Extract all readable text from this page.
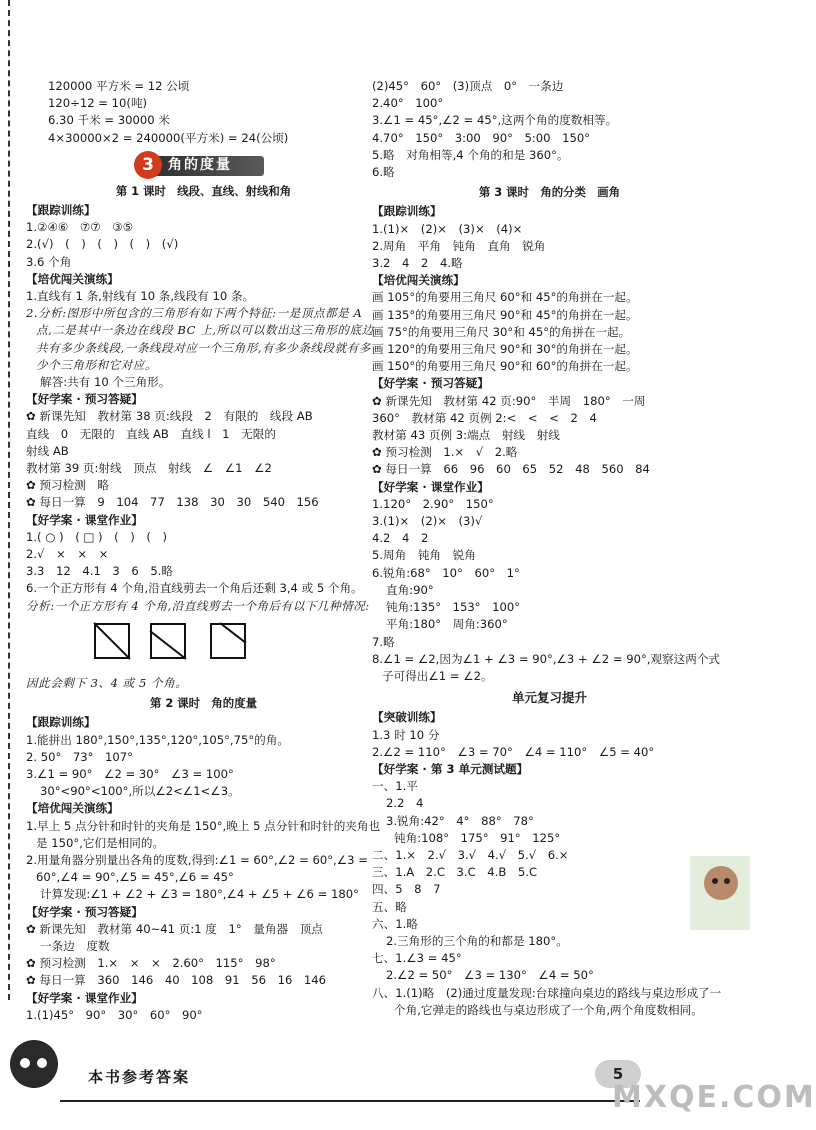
120000 平方米 = 12 公顷
120÷12 = 10(吨)
6.30 千米 = 30000 米
4×30000×2 = 240000(平方米) = 24(公顷)
3	角的度量
第 1 课时　线段、直线、射线和角
【跟踪训练】
1.②④⑥　⑦⑦　③⑤
2.(√)　(　)　(　)　(　)　(√)
3.6 个角
【培优闯关演练】
1.直线有 1 条,射线有 10 条,线段有 10 条。
2.分析:图形中所包含的三角形有如下两个特征:一是顶点都是 A 点,二是其中一条边在线段 BC 上,所以可以数出这三角形的底边共有多少条线段,一条线段对应一个三角形,有多少条线段就有多少个三角形和它对应。
解答:共有 10 个三角形。
【好学案 · 预习答疑】
✿ 新课先知　教材第 38 页:线段　2　有限的　线段 AB
直线　0　无限的　直线 AB　直线 l　1　无限的
射线 AB
教材第 39 页:射线　顶点　射线　∠　∠1　∠2
✿ 预习检测　略
✿ 每日一算　9　104　77　138　30　30　540　156
【好学案 · 课堂作业】
1.( ○ )　( □ )　(　)　(　)
2.√　×　×　×
3.3　12　4.1　3　6　5.略
6.一个正方形有 4 个角,沿直线剪去一个角后还剩 3,4 或 5 个角。
分析:一个正方形有 4 个角,沿直线剪去一个角后有以下几种情况:
因此会剩下 3、4 或 5 个角。
第 2 课时　角的度量
【跟踪训练】
1.能拼出 180°,150°,135°,120°,105°,75°的角。
2. 50°　73°　107°
3.∠1 = 90°　∠2 = 30°　∠3 = 100°
30°<90°<100°,所以∠2<∠1<∠3。
【培优闯关演练】
1.早上 5 点分针和时针的夹角是 150°,晚上 5 点分针和时针的夹角也是 150°,它们是相同的。
2.用量角器分别量出各角的度数,得到:∠1 = 60°,∠2 = 60°,∠3 = 60°,∠4 = 90°,∠5 = 45°,∠6 = 45°
计算发现:∠1 + ∠2 + ∠3 = 180°,∠4 + ∠5 + ∠6 = 180°
【好学案 · 预习答疑】
✿ 新课先知　教材第 40~41 页:1 度　1°　量角器　顶点
一条边　度数
✿ 预习检测　1.×　×　×　2.60°　115°　98°
✿ 每日一算　360　146　40　108　91　56　16　146
【好学案 · 课堂作业】
1.(1)45°　90°　30°　60°　90°
(2)45°　60°　(3)顶点　0°　一条边
2.40°　100°
3.∠1 = 45°,∠2 = 45°,这两个角的度数相等。
4.70°　150°　3:00　90°　5:00　150°
5.略　对角相等,4 个角的和是 360°。
6.略
第 3 课时　角的分类　画角
【跟踪训练】
1.(1)×　(2)×　(3)×　(4)×
2.周角　平角　钝角　直角　锐角
3.2　4　2　4.略
【培优闯关演练】
画 105°的角要用三角尺 60°和 45°的角拼在一起。
画 135°的角要用三角尺 90°和 45°的角拼在一起。
画 75°的角要用三角尺 30°和 45°的角拼在一起。
画 120°的角要用三角尺 90°和 30°的角拼在一起。
画 150°的角要用三角尺 90°和 60°的角拼在一起。
【好学案 · 预习答疑】
✿ 新课先知　教材第 42 页:90°　半周　180°　一周
360°　教材第 42 页例 2:<　<　<　2　4
教材第 43 页例 3:端点　射线　射线
✿ 预习检测　1.×　√　2.略
✿ 每日一算　66　96　60　65　52　48　560　84
【好学案 · 课堂作业】
1.120°　2.90°　150°
3.(1)×　(2)×　(3)√
4.2　4　2
5.周角　钝角　锐角
6.锐角:68°　10°　60°　1°
直角:90°
钝角:135°　153°　100°
平角:180°　周角:360°
7.略
8.∠1 = ∠2,因为∠1 + ∠3 = 90°,∠3 + ∠2 = 90°,观察这两个式子可得出∠1 = ∠2。
单元复习提升
【突破训练】
1.3 时 10 分
2.∠2 = 110°　∠3 = 70°　∠4 = 110°　∠5 = 40°
【好学案 · 第 3 单元测试题】
一、1.平
2.2　4
3.锐角:42°　4°　88°　78°
钝角:108°　175°　91°　125°
二、1.×　2.√　3.√　4.√　5.√　6.×
三、1.A　2.C　3.C　4.B　5.C
四、5　8　7
五、略
六、1.略
2.三角形的三个角的和都是 180°。
七、1.∠3 = 45°
2.∠2 = 50°　∠3 = 130°　∠4 = 50°
八、1.(1)略　(2)通过度量发现:台球撞向桌边的路线与桌边形成了一个角,它弹走的路线也与桌边形成了一个角,两个角度数相同。
本书参考答案	5
MXQE.COM
